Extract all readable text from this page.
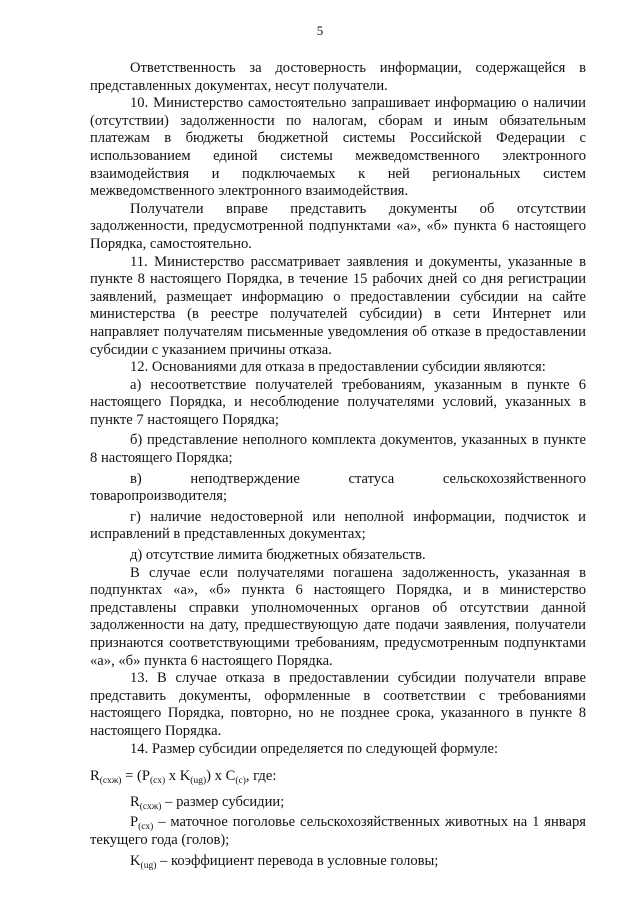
5

Ответственность за достоверность информации, содержащейся в представленных документах, несут получатели.

10. Министерство самостоятельно запрашивает информацию о наличии (отсутствии) задолженности по налогам, сборам и иным обязательным платежам в бюджеты бюджетной системы Российской Федерации с использованием единой системы межведомственного электронного взаимодействия и подключаемых к ней региональных систем межведомственного электронного взаимодействия.

Получатели вправе представить документы об отсутствии задолженности, предусмотренной подпунктами «а», «б» пункта 6 настоящего Порядка, самостоятельно.

11. Министерство рассматривает заявления и документы, указанные в пункте 8 настоящего Порядка, в течение 15 рабочих дней со дня регистрации заявлений, размещает информацию о предоставлении субсидии на сайте министерства (в реестре получателей субсидии) в сети Интернет или направляет получателям письменные уведомления об отказе в предоставлении субсидии с указанием причины отказа.

12. Основаниями для отказа в предоставлении субсидии являются:

а) несоответствие получателей требованиям, указанным в пункте 6 настоящего Порядка, и несоблюдение получателями условий, указанных в пункте 7 настоящего Порядка;

б) представление неполного комплекта документов, указанных в пункте 8 настоящего Порядка;

в) неподтверждение статуса сельскохозяйственного товаропроизводителя;

г) наличие недостоверной или неполной информации, подчисток и исправлений в представленных документах;

д) отсутствие лимита бюджетных обязательств.

В случае если получателями погашена задолженность, указанная в подпунктах «а», «б» пункта 6 настоящего Порядка, и в министерство представлены справки уполномоченных органов об отсутствии данной задолженности на дату, предшествующую дате подачи заявления, получатели признаются соответствующими требованиям, предусмотренным подпунктами «а», «б» пункта 6 настоящего Порядка.

13. В случае отказа в предоставлении субсидии получатели вправе представить документы, оформленные в соответствии с требованиями настоящего Порядка, повторно, но не позднее срока, указанного в пункте 8 настоящего Порядка.

14. Размер субсидии определяется по следующей формуле:

$R_{(схж)} = (P_{(сх)}$ x $K_{(ug)}$) x $C_{(c)}$, где:

$R_{(схж)}$ – размер субсидии;

$P_{(сх)}$ – маточное поголовье сельскохозяйственных животных на 1 января текущего года (голов);

$K_{(ug)}$ – коэффициент перевода в условные головы;
